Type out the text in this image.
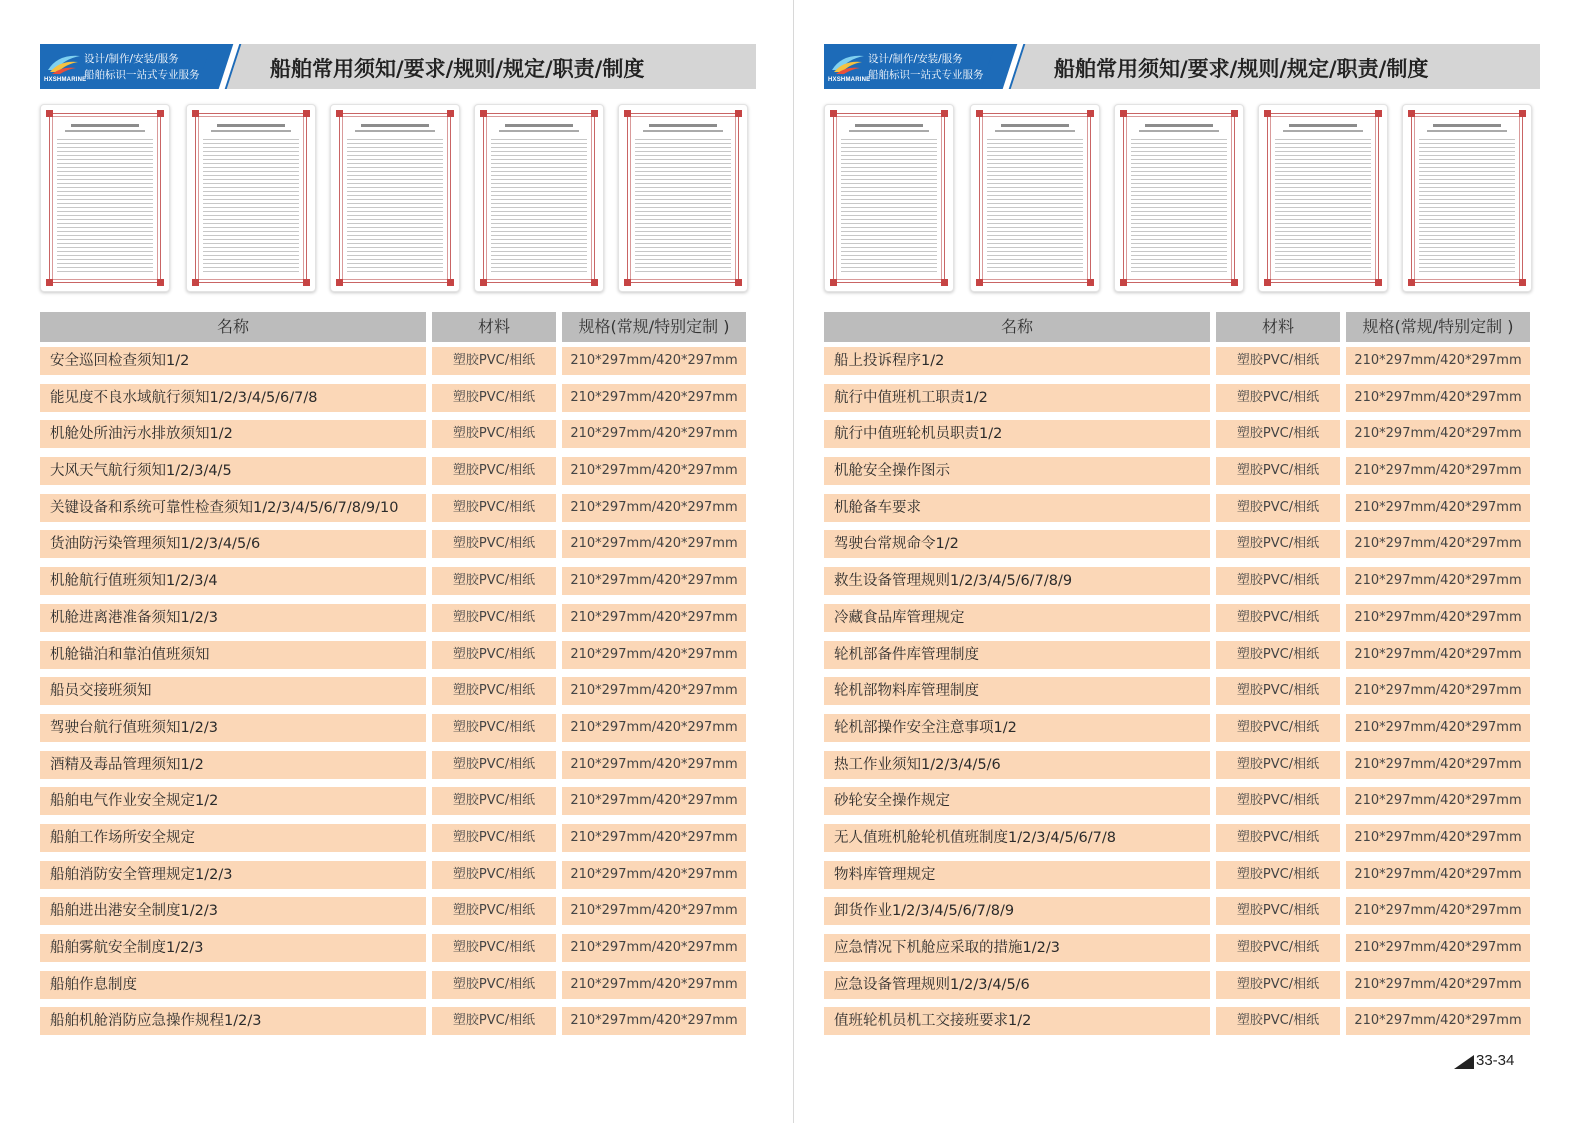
HXSHMARINE
设计/制作/安装/服务
船舶标识一站式专业服务	船舶常用须知/要求/规则/规定/职责/制度
名称	材料	规格(常规/特别定制 )
安全巡回检查须知1/2	塑胶PVC/相纸	210*297mm/420*297mm
能见度不良水域航行须知1/2/3/4/5/6/7/8	塑胶PVC/相纸	210*297mm/420*297mm
机舱处所油污水排放须知1/2	塑胶PVC/相纸	210*297mm/420*297mm
大风天气航行须知1/2/3/4/5	塑胶PVC/相纸	210*297mm/420*297mm
关键设备和系统可靠性检查须知1/2/3/4/5/6/7/8/9/10	塑胶PVC/相纸	210*297mm/420*297mm
货油防污染管理须知1/2/3/4/5/6	塑胶PVC/相纸	210*297mm/420*297mm
机舱航行值班须知1/2/3/4	塑胶PVC/相纸	210*297mm/420*297mm
机舱进离港准备须知1/2/3	塑胶PVC/相纸	210*297mm/420*297mm
机舱锚泊和靠泊值班须知	塑胶PVC/相纸	210*297mm/420*297mm
船员交接班须知	塑胶PVC/相纸	210*297mm/420*297mm
驾驶台航行值班须知1/2/3	塑胶PVC/相纸	210*297mm/420*297mm
酒精及毒品管理须知1/2	塑胶PVC/相纸	210*297mm/420*297mm
船舶电气作业安全规定1/2	塑胶PVC/相纸	210*297mm/420*297mm
船舶工作场所安全规定	塑胶PVC/相纸	210*297mm/420*297mm
船舶消防安全管理规定1/2/3	塑胶PVC/相纸	210*297mm/420*297mm
船舶进出港安全制度1/2/3	塑胶PVC/相纸	210*297mm/420*297mm
船舶雾航安全制度1/2/3	塑胶PVC/相纸	210*297mm/420*297mm
船舶作息制度	塑胶PVC/相纸	210*297mm/420*297mm
船舶机舱消防应急操作规程1/2/3	塑胶PVC/相纸	210*297mm/420*297mm
HXSHMARINE
设计/制作/安装/服务
船舶标识一站式专业服务	船舶常用须知/要求/规则/规定/职责/制度
名称	材料	规格(常规/特别定制 )
船上投诉程序1/2	塑胶PVC/相纸	210*297mm/420*297mm
航行中值班机工职责1/2	塑胶PVC/相纸	210*297mm/420*297mm
航行中值班轮机员职责1/2	塑胶PVC/相纸	210*297mm/420*297mm
机舱安全操作图示	塑胶PVC/相纸	210*297mm/420*297mm
机舱备车要求	塑胶PVC/相纸	210*297mm/420*297mm
驾驶台常规命令1/2	塑胶PVC/相纸	210*297mm/420*297mm
救生设备管理规则1/2/3/4/5/6/7/8/9	塑胶PVC/相纸	210*297mm/420*297mm
冷藏食品库管理规定	塑胶PVC/相纸	210*297mm/420*297mm
轮机部备件库管理制度	塑胶PVC/相纸	210*297mm/420*297mm
轮机部物料库管理制度	塑胶PVC/相纸	210*297mm/420*297mm
轮机部操作安全注意事项1/2	塑胶PVC/相纸	210*297mm/420*297mm
热工作业须知1/2/3/4/5/6	塑胶PVC/相纸	210*297mm/420*297mm
砂轮安全操作规定	塑胶PVC/相纸	210*297mm/420*297mm
无人值班机舱轮机值班制度1/2/3/4/5/6/7/8	塑胶PVC/相纸	210*297mm/420*297mm
物料库管理规定	塑胶PVC/相纸	210*297mm/420*297mm
卸货作业1/2/3/4/5/6/7/8/9	塑胶PVC/相纸	210*297mm/420*297mm
应急情况下机舱应采取的措施1/2/3	塑胶PVC/相纸	210*297mm/420*297mm
应急设备管理规则1/2/3/4/5/6	塑胶PVC/相纸	210*297mm/420*297mm
值班轮机员机工交接班要求1/2	塑胶PVC/相纸	210*297mm/420*297mm
33-34
